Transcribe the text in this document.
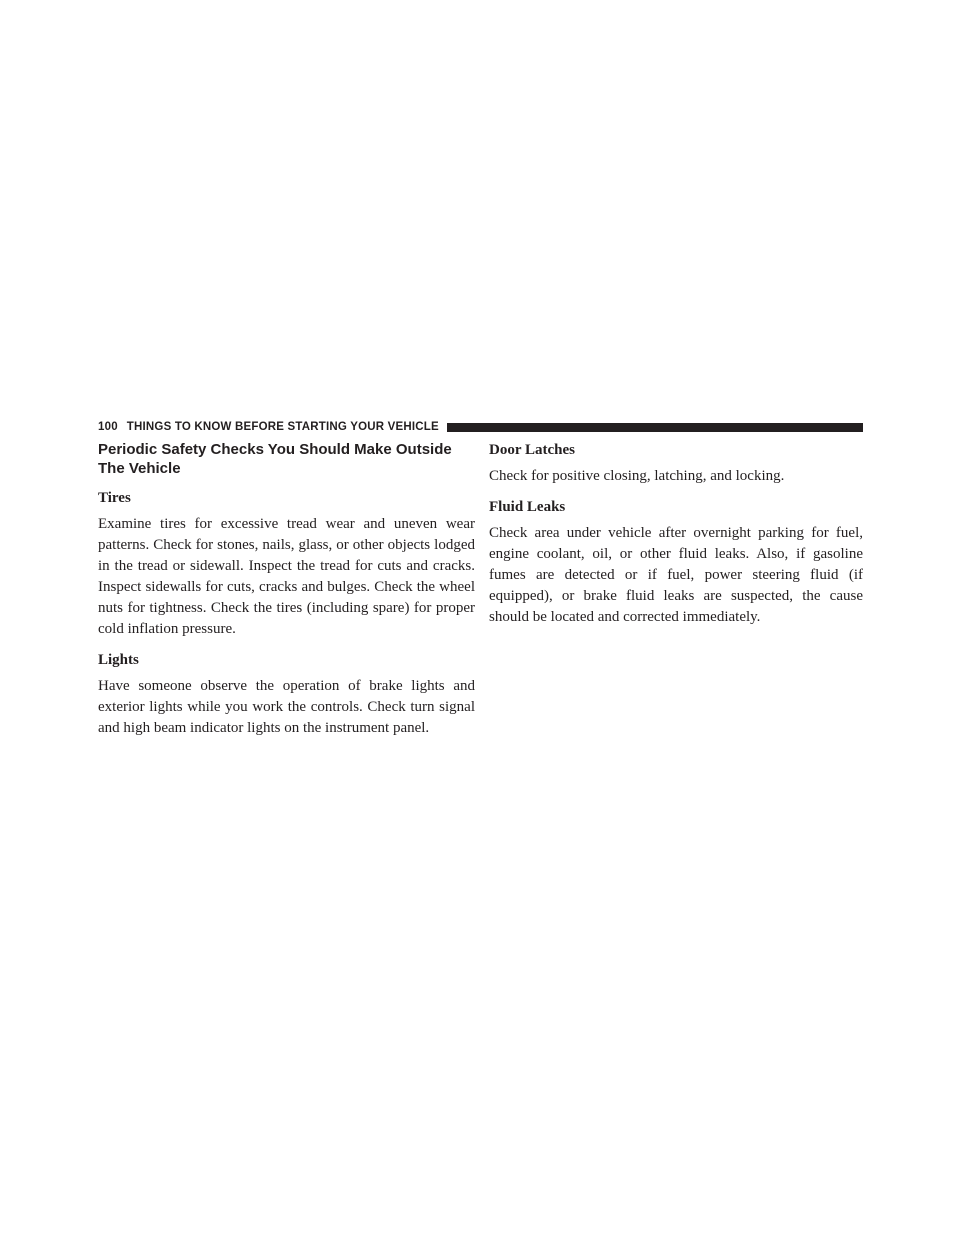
100 THINGS TO KNOW BEFORE STARTING YOUR VEHICLE
Periodic Safety Checks You Should Make Outside The Vehicle
Tires

Examine tires for excessive tread wear and uneven wear patterns. Check for stones, nails, glass, or other objects lodged in the tread or sidewall. Inspect the tread for cuts and cracks. Inspect sidewalls for cuts, cracks and bulges. Check the wheel nuts for tightness. Check the tires (including spare) for proper cold inflation pressure.

Lights

Have someone observe the operation of brake lights and exterior lights while you work the controls. Check turn signal and high beam indicator lights on the instrument panel.

Door Latches

Check for positive closing, latching, and locking.

Fluid Leaks

Check area under vehicle after overnight parking for fuel, engine coolant, oil, or other fluid leaks. Also, if gasoline fumes are detected or if fuel, power steering fluid (if equipped), or brake fluid leaks are suspected, the cause should be located and corrected immediately.
